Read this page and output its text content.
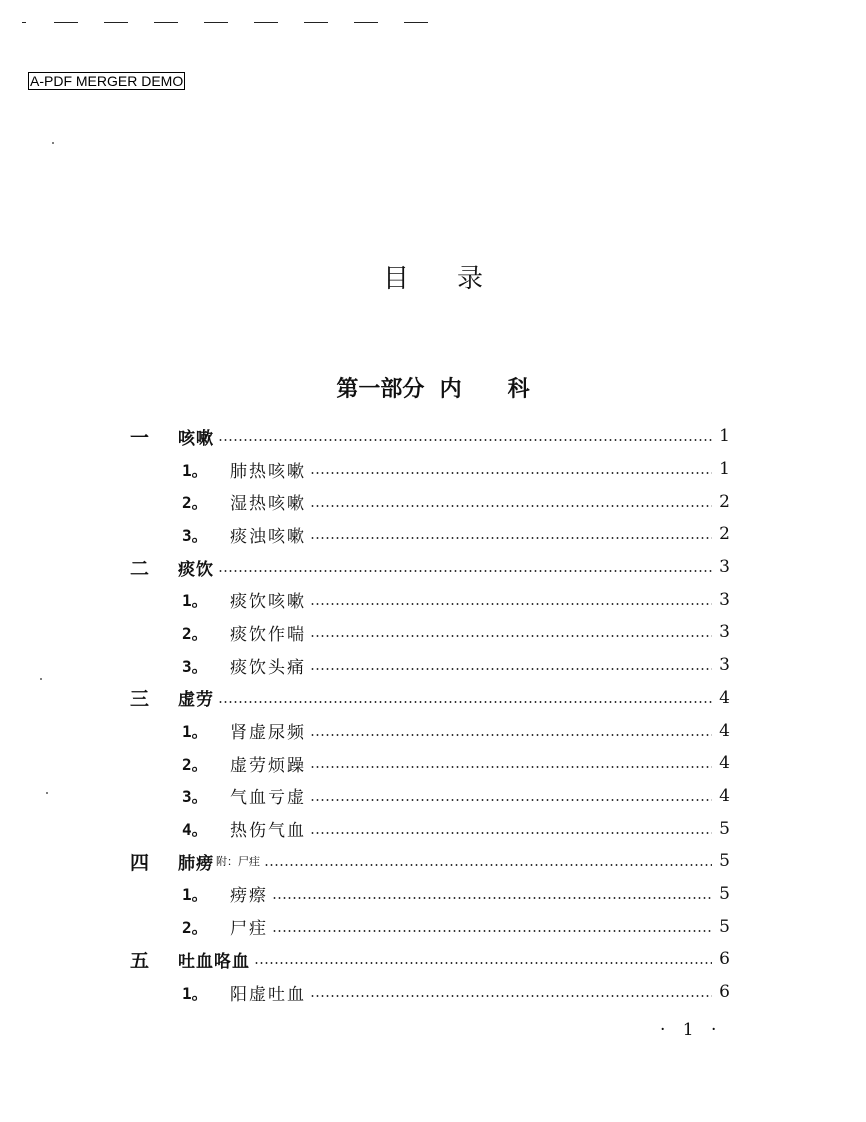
A-PDF MERGER DEMO
目录
第一部分  内      科
一	咳嗽	1
1。	肺热咳嗽	1
2。	湿热咳嗽	2
3。	痰浊咳嗽	2
二	痰饮	3
1。	痰饮咳嗽	3
2。	痰饮作喘	3
3。	痰饮头痛	3
三	虚劳	4
1。	肾虚尿频	4
2。	虚劳烦躁	4
3。	气血亏虚	4
4。	热伤气血	5
四	肺痨 附：尸疰	5
1。	痨瘵	5
2。	尸疰	5
五	吐血咯血	6
1。	阳虚吐血	6
· 1 ·
